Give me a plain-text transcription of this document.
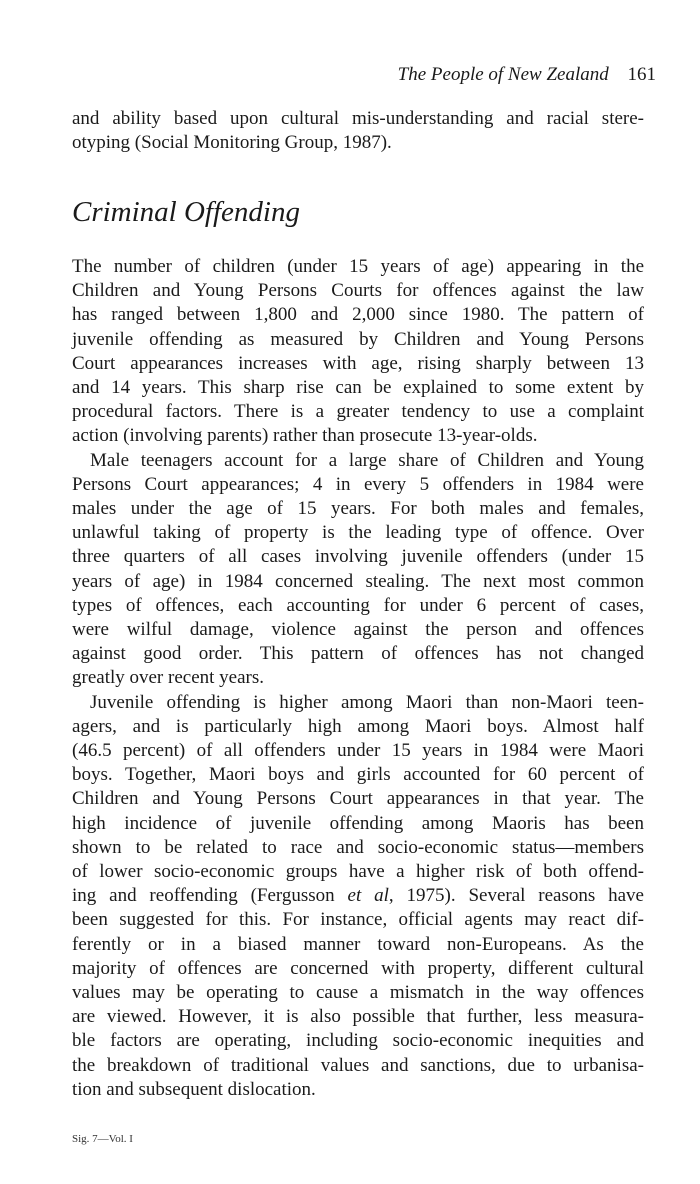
The People of New Zealand 161
and ability based upon cultural mis-understanding and racial stere-
otyping (Social Monitoring Group, 1987).
Criminal Offending
The number of children (under 15 years of age) appearing in the
Children and Young Persons Courts for offences against the law
has ranged between 1,800 and 2,000 since 1980. The pattern of
juvenile offending as measured by Children and Young Persons
Court appearances increases with age, rising sharply between 13
and 14 years. This sharp rise can be explained to some extent by
procedural factors. There is a greater tendency to use a complaint
action (involving parents) rather than prosecute 13-year-olds.
Male teenagers account for a large share of Children and Young
Persons Court appearances; 4 in every 5 offenders in 1984 were
males under the age of 15 years. For both males and females,
unlawful taking of property is the leading type of offence. Over
three quarters of all cases involving juvenile offenders (under 15
years of age) in 1984 concerned stealing. The next most common
types of offences, each accounting for under 6 percent of cases,
were wilful damage, violence against the person and offences
against good order. This pattern of offences has not changed
greatly over recent years.
Juvenile offending is higher among Maori than non-Maori teen-
agers, and is particularly high among Maori boys. Almost half
(46.5 percent) of all offenders under 15 years in 1984 were Maori
boys. Together, Maori boys and girls accounted for 60 percent of
Children and Young Persons Court appearances in that year. The
high incidence of juvenile offending among Maoris has been
shown to be related to race and socio-economic status—members
of lower socio-economic groups have a higher risk of both offend-
ing and reoffending (Fergusson et al, 1975). Several reasons have
been suggested for this. For instance, official agents may react dif-
ferently or in a biased manner toward non-Europeans. As the
majority of offences are concerned with property, different cultural
values may be operating to cause a mismatch in the way offences
are viewed. However, it is also possible that further, less measura-
ble factors are operating, including socio-economic inequities and
the breakdown of traditional values and sanctions, due to urbanisa-
tion and subsequent dislocation.
Sig. 7—Vol. I
